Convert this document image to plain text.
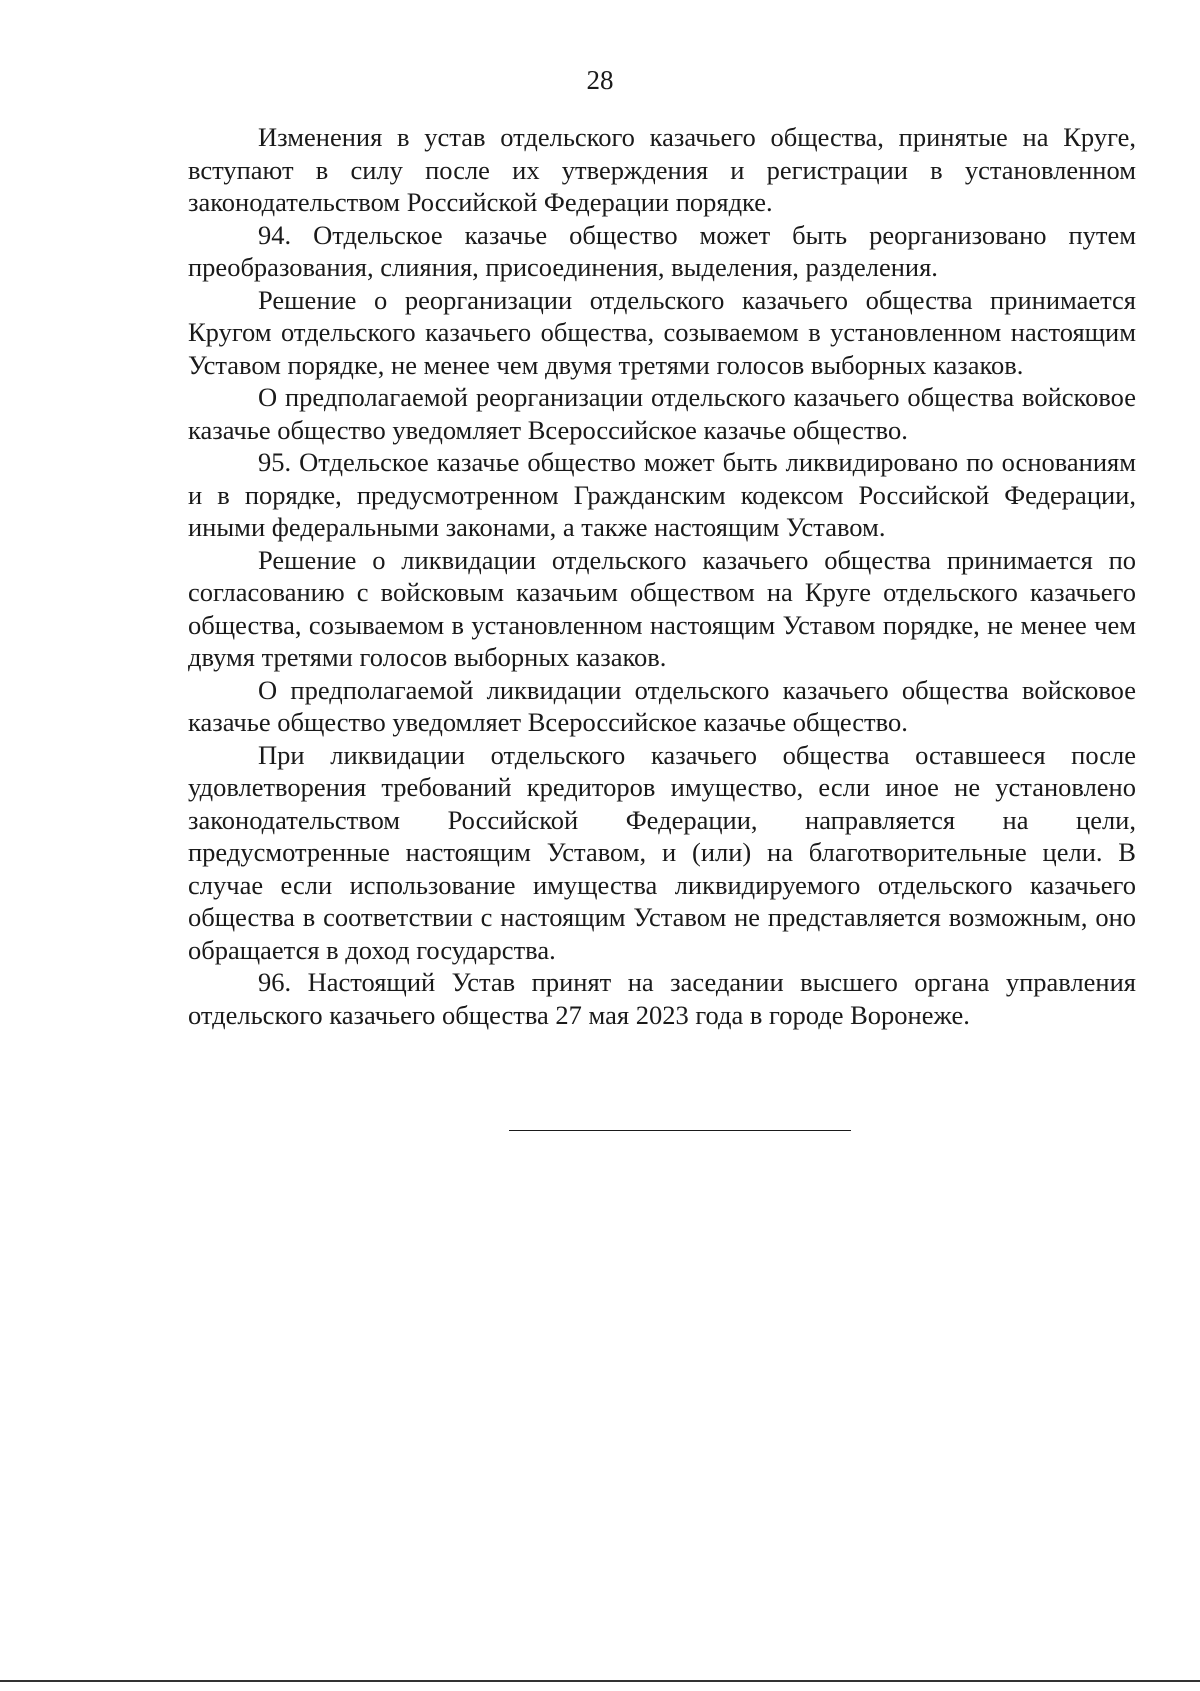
28

Изменения в устав отдельского казачьего общества, принятые на Круге, вступают в силу после их утверждения и регистрации в установленном законодательством Российской Федерации порядке.

94. Отдельское казачье общество может быть реорганизовано путем преобразования, слияния, присоединения, выделения, разделения.

Решение о реорганизации отдельского казачьего общества принимается Кругом отдельского казачьего общества, созываемом в установленном настоящим Уставом порядке, не менее чем двумя третями голосов выборных казаков.

О предполагаемой реорганизации отдельского казачьего общества войсковое казачье общество уведомляет Всероссийское казачье общество.

95. Отдельское казачье общество может быть ликвидировано по основаниям и в порядке, предусмотренном Гражданским кодексом Российской Федерации, иными федеральными законами, а также настоящим Уставом.

Решение о ликвидации отдельского казачьего общества принимается по согласованию с войсковым казачьим обществом на Круге отдельского казачьего общества, созываемом в установленном настоящим Уставом порядке, не менее чем двумя третями голосов выборных казаков.

О предполагаемой ликвидации отдельского казачьего общества войсковое казачье общество уведомляет Всероссийское казачье общество.

При ликвидации отдельского казачьего общества оставшееся после удовлетворения требований кредиторов имущество, если иное не установлено законодательством Российской Федерации, направляется на цели, предусмотренные настоящим Уставом, и (или) на благотворительные цели. В случае если использование имущества ликвидируемого отдельского казачьего общества в соответствии с настоящим Уставом не представляется возможным, оно обращается в доход государства.

96. Настоящий Устав принят на заседании высшего органа управления отдельского казачьего общества 27 мая 2023 года в городе Воронеже.
